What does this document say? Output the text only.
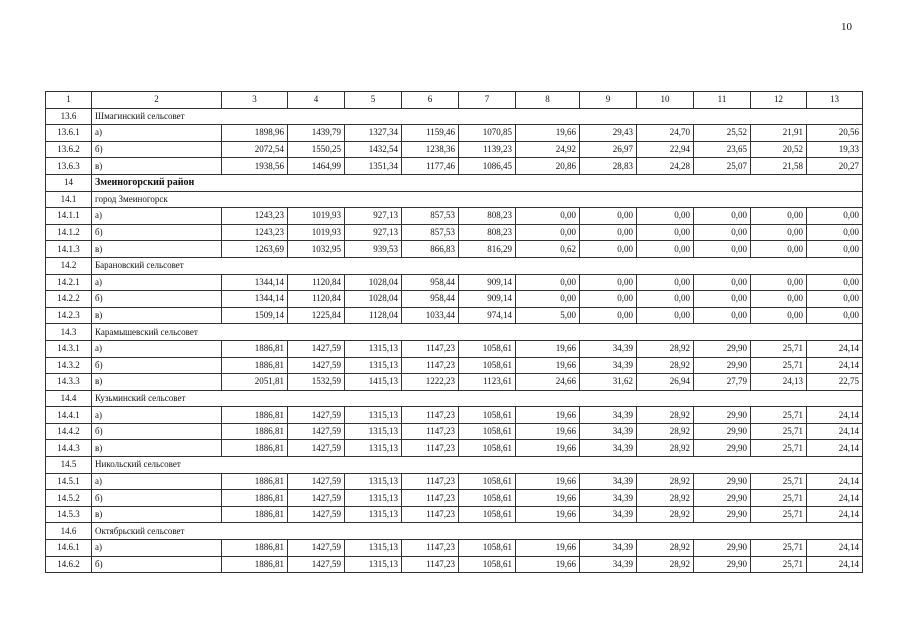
10
1	2	3	4	5	6	7	8	9	10	11	12	13
13.6	Шмагинский сельсовет											
13.6.1	а)	1898,96	1439,79	1327,34	1159,46	1070,85	19,66	29,43	24,70	25,52	21,91	20,56
13.6.2	б)	2072,54	1550,25	1432,54	1238,36	1139,23	24,92	26,97	22,94	23,65	20,52	19,33
13.6.3	в)	1938,56	1464,99	1351,34	1177,46	1086,45	20,86	28,83	24,28	25,07	21,58	20,27
14	Змеиногорский район											
14.1	город Змеиногорск											
14.1.1	а)	1243,23	1019,93	927,13	857,53	808,23	0,00	0,00	0,00	0,00	0,00	0,00
14.1.2	б)	1243,23	1019,93	927,13	857,53	808,23	0,00	0,00	0,00	0,00	0,00	0,00
14.1.3	в)	1263,69	1032,95	939,53	866,83	816,29	0,62	0,00	0,00	0,00	0,00	0,00
14.2	Барановский сельсовет											
14.2.1	а)	1344,14	1120,84	1028,04	958,44	909,14	0,00	0,00	0,00	0,00	0,00	0,00
14.2.2	б)	1344,14	1120,84	1028,04	958,44	909,14	0,00	0,00	0,00	0,00	0,00	0,00
14.2.3	в)	1509,14	1225,84	1128,04	1033,44	974,14	5,00	0,00	0,00	0,00	0,00	0,00
14.3	Карамышевский сельсовет											
14.3.1	а)	1886,81	1427,59	1315,13	1147,23	1058,61	19,66	34,39	28,92	29,90	25,71	24,14
14.3.2	б)	1886,81	1427,59	1315,13	1147,23	1058,61	19,66	34,39	28,92	29,90	25,71	24,14
14.3.3	в)	2051,81	1532,59	1415,13	1222,23	1123,61	24,66	31,62	26,94	27,79	24,13	22,75
14.4	Кузьминский сельсовет											
14.4.1	а)	1886,81	1427,59	1315,13	1147,23	1058,61	19,66	34,39	28,92	29,90	25,71	24,14
14.4.2	б)	1886,81	1427,59	1315,13	1147,23	1058,61	19,66	34,39	28,92	29,90	25,71	24,14
14.4.3	в)	1886,81	1427,59	1315,13	1147,23	1058,61	19,66	34,39	28,92	29,90	25,71	24,14
14.5	Никольский сельсовет											
14.5.1	а)	1886,81	1427,59	1315,13	1147,23	1058,61	19,66	34,39	28,92	29,90	25,71	24,14
14.5.2	б)	1886,81	1427,59	1315,13	1147,23	1058,61	19,66	34,39	28,92	29,90	25,71	24,14
14.5.3	в)	1886,81	1427,59	1315,13	1147,23	1058,61	19,66	34,39	28,92	29,90	25,71	24,14
14.6	Октябрьский сельсовет											
14.6.1	а)	1886,81	1427,59	1315,13	1147,23	1058,61	19,66	34,39	28,92	29,90	25,71	24,14
14.6.2	б)	1886,81	1427,59	1315,13	1147,23	1058,61	19,66	34,39	28,92	29,90	25,71	24,14
